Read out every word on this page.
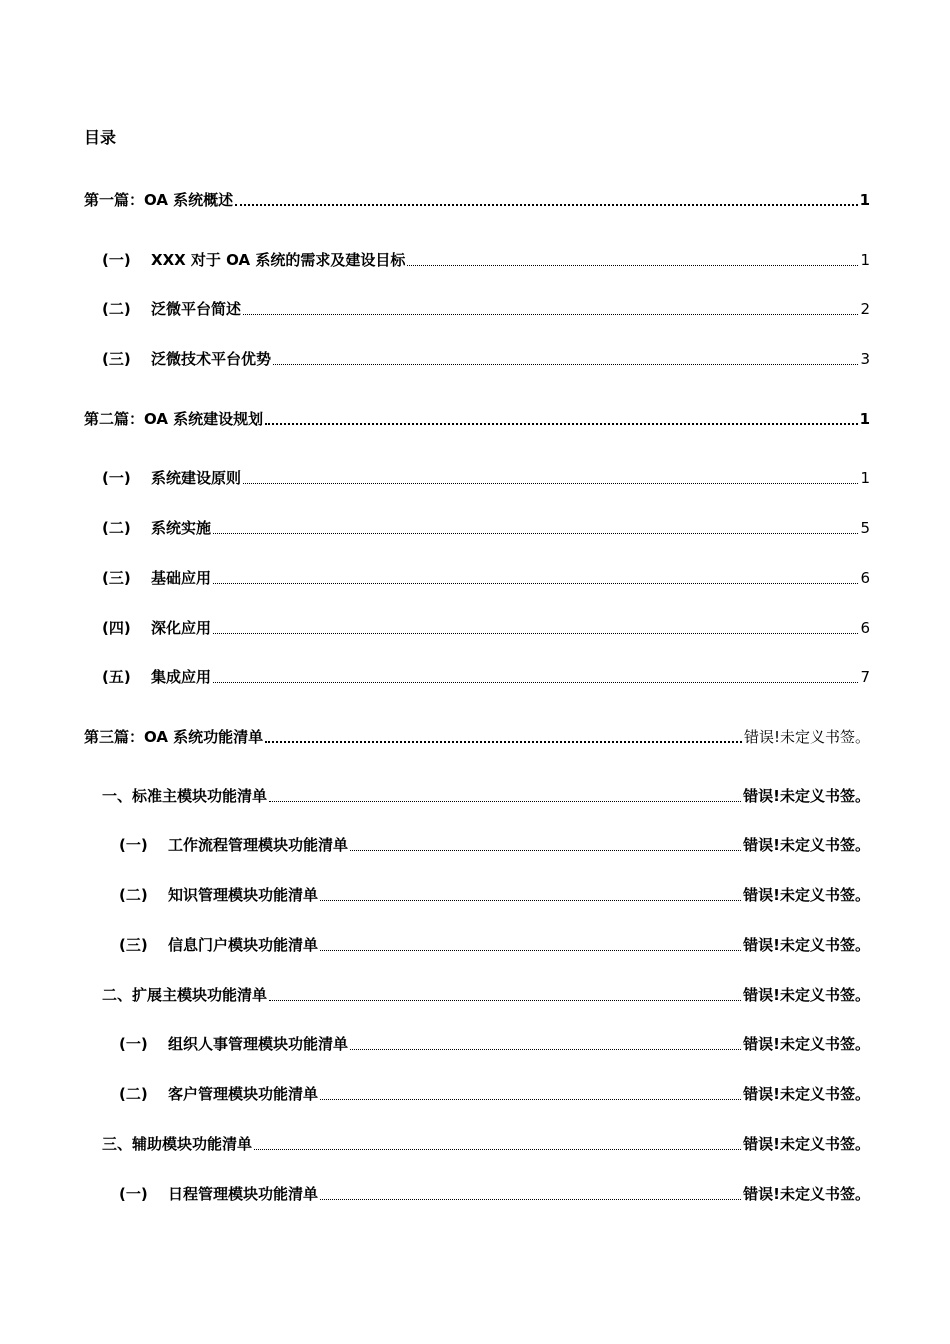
目录
第一篇：OA 系统概述	1
(一)	XXX 对于 OA 系统的需求及建设目标	1
(二)	泛微平台简述	2
(三)	泛微技术平台优势	3
第二篇：OA 系统建设规划	1
(一)	系统建设原则	1
(二)	系统实施	5
(三)	基础应用	6
(四)	深化应用	6
(五)	集成应用	7
第三篇：OA 系统功能清单	错误!未定义书签。
一、标准主模块功能清单	错误!未定义书签。
(一)	工作流程管理模块功能清单	错误!未定义书签。
(二)	知识管理模块功能清单	错误!未定义书签。
(三)	信息门户模块功能清单	错误!未定义书签。
二、扩展主模块功能清单	错误!未定义书签。
(一)	组织人事管理模块功能清单	错误!未定义书签。
(二)	客户管理模块功能清单	错误!未定义书签。
三、辅助模块功能清单	错误!未定义书签。
(一)	日程管理模块功能清单	错误!未定义书签。
